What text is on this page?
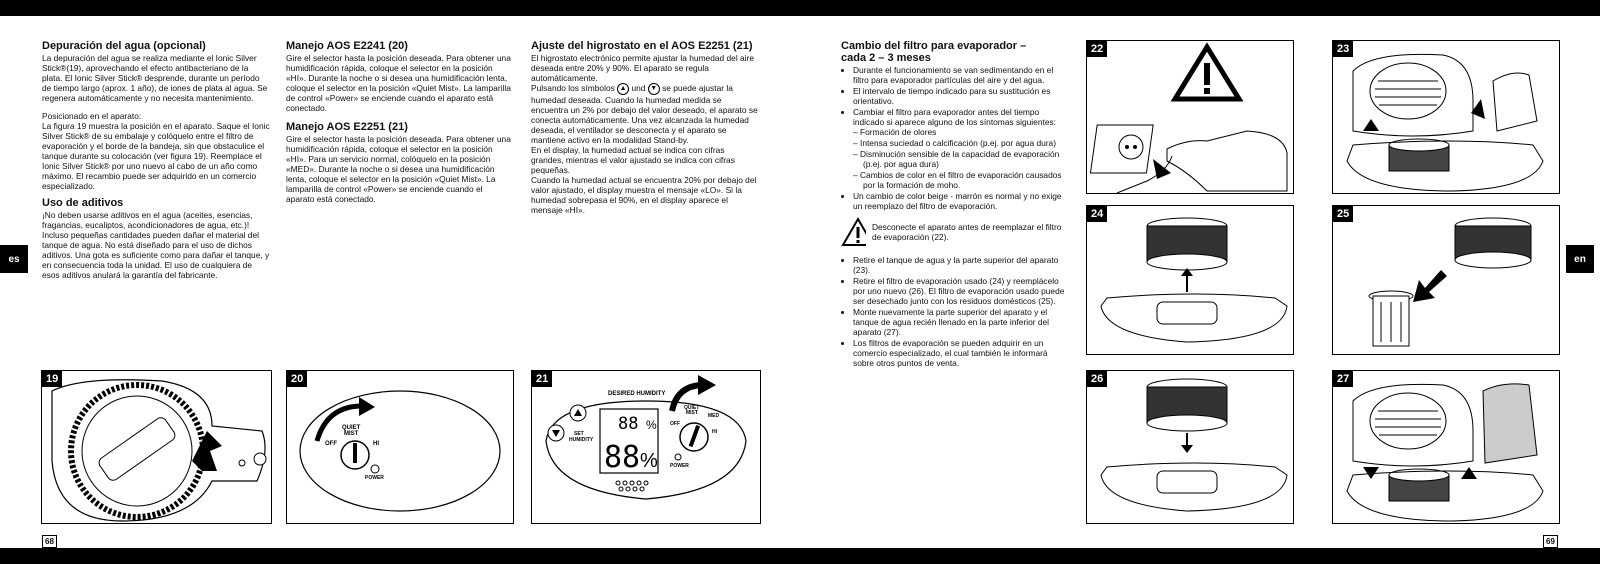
Depuración del agua (opcional)

La depuración del agua se realiza mediante el Ionic Silver Stick®(19), aprovechando el efecto antibacteriano de la plata. El Ionic Silver Stick® desprende, durante un período de tiempo largo (aprox. 1 año), de iones de plata al agua. Se regenera automáticamente y no necesita mantenimiento.

Posicionado en el aparato:

La figura 19 muestra la posición en el aparato. Saque el Ionic Silver Stick® de su embalaje y colóquelo entre el filtro de evaporación y el borde de la bandeja, sin que obstaculice el tanque durante su colocación (ver figura 19). Reemplace el Ionic Silver Stick® por uno nuevo al cabo de un año como máximo. El recambio puede ser adquirido en un comercio especializado.

Uso de aditivos

¡No deben usarse aditivos en el agua (aceites, esencias, fragancias, eucaliptos, acondicionadores de agua, etc.)! Incluso pequeñas cantidades pueden dañar el material del tanque de agua. No está diseñado para el uso de dichos aditivos. Una gota es suficiente como para dañar el tanque, y en consecuencia toda la unidad. El uso de cualquiera de esos aditivos anulará la garantía del fabricante.

Manejo AOS E2241 (20)

Gire el selector hasta la posición deseada. Para obtener una humidificación rápida, coloque el selector en la posición «HI». Durante la noche o si desea una humidificación lenta, coloque el selector en la posición «Quiet Mist». La lamparilla de control «Power» se enciende cuando el aparato está conectado.

Manejo AOS E2251 (21)

Gire el selector hasta la posición deseada. Para obtener una humidificación rápida, coloque el selector en la posición «HI». Para un servicio normal, colóquelo en la posición «MED». Durante la noche o si desea una humidificación lenta, coloque el selector en la posición «Quiet Mist». La lamparilla de control «Power» se enciende cuando el aparato está conectado.

Ajuste del higrostato en el AOS E2251 (21)

El higrostato electrónico permite ajustar la humedad del aire deseada entre 20% y 90%. El aparato se regula automáticamente.

Pulsando los símbolos ▲ und ▼ se puede ajustar la humedad deseada. Cuando la humedad medida se encuentra un 2% por debajo del valor deseado, el aparato se conecta automáticamente. Una vez alcanzada la humedad deseada, el ventilador se desconecta y el aparato se mantiene activo en la modalidad Stand-by.

En el display, la humedad actual se indica con cifras grandes, mientras el valor ajustado se indica con cifras pequeñas.

Cuando la humedad actual se encuentra 20% por debajo del valor ajustado, el display muestra el mensaje «LO». Si la humedad sobrepasa el 90%, en el display aparece el mensaje «HI».

Cambio del filtro para evaporador –
cada 2 – 3 meses
• Durante el funcionamiento se van sedimentando en el filtro para evaporador partículas del aire y del agua.
• El intervalo de tiempo indicado para su sustitución es orientativo.
• Cambiar el filtro para evaporador antes del tiempo indicado si aparece alguno de los síntomas siguientes:
– Formación de olores
– Intensa suciedad o calcificación (p.ej. por agua dura)
– Disminución sensible de la capacidad de evaporación (p.ej. por agua dura)
– Cambios de color en el filtro de evaporación causados por la formación de moho.
• Un cambio de color beige - marrón es normal y no exige un reemplazo del filtro de evaporación.
Desconecte el aparato antes de reemplazar el filtro de evaporación (22).
• Retire el tanque de agua y la parte superior del aparato (23).
• Retire el filtro de evaporación usado (24) y reemplácelo por uno nuevo (26). El filtro de evaporación usado puede ser desechado junto con los residuos domésticos (25).
• Monte nuevamente la parte superior del aparato y el tanque de agua recién llenado en la parte inferior del aparato (27).
• Los filtros de evaporación se pueden adquirir en un comercio especializado, el cual también le informará sobre otros puntos de venta.
es	en
68	69
19
QUIET
MIST
OFF	HI
POWER
20
DESIRED HUMIDITY
88 %
88 %
SET
HUMIDITY
QUIET
MIST MED
OFF
HI
POWER
21
22	23
24	25
26	27
